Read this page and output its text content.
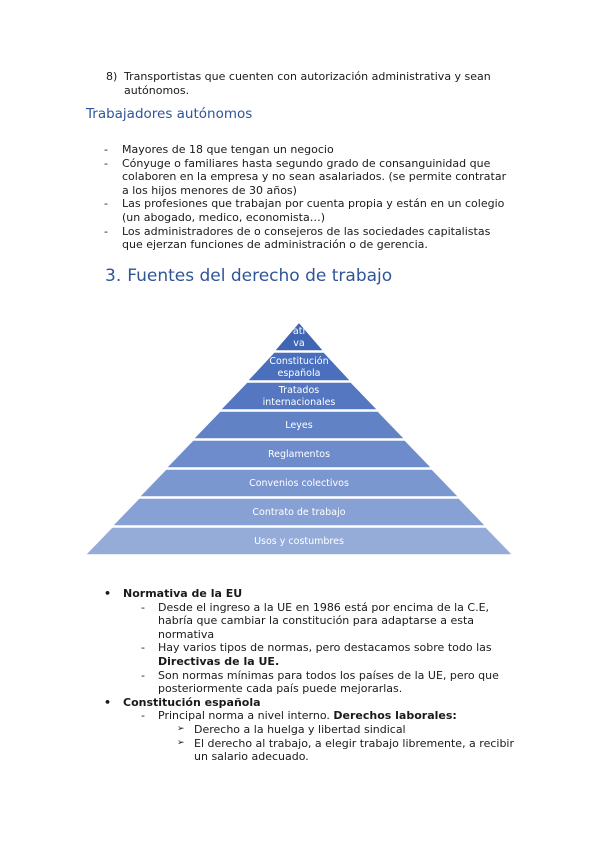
8) Transportistas que cuenten con autorización administrativa y sean autónomos.
Trabajadores autónomos
- Mayores de 18 que tengan un negocio
- Cónyuge o familiares hasta segundo grado de consanguinidad que colaboren en la empresa y no sean asalariados. (se permite contratar a los hijos menores de 30 años)
- Las profesiones que trabajan por cuenta propia y están en un colegio (un abogado, medico, economista…)
- Los administradores de o consejeros de las sociedades capitalistas que ejerzan funciones de administración o de gerencia.
3. Fuentes del derecho de trabajo
ati
va
Constitución
española
Tratados
internacionales
Leyes
Reglamentos
Convenios colectivos
Contrato de trabajo
Usos y costumbres
• Normativa de la EU
- Desde el ingreso a la UE en 1986 está por encima de la C.E, habría que cambiar la constitución para adaptarse a esta normativa
- Hay varios tipos de normas, pero destacamos sobre todo las Directivas de la UE.
- Son normas mínimas para todos los países de la UE, pero que posteriormente cada país puede mejorarlas.
• Constitución española
- Principal norma a nivel interno. Derechos laborales:
➢ Derecho a la huelga y libertad sindical
➢ El derecho al trabajo, a elegir trabajo libremente, a recibir un salario adecuado.
